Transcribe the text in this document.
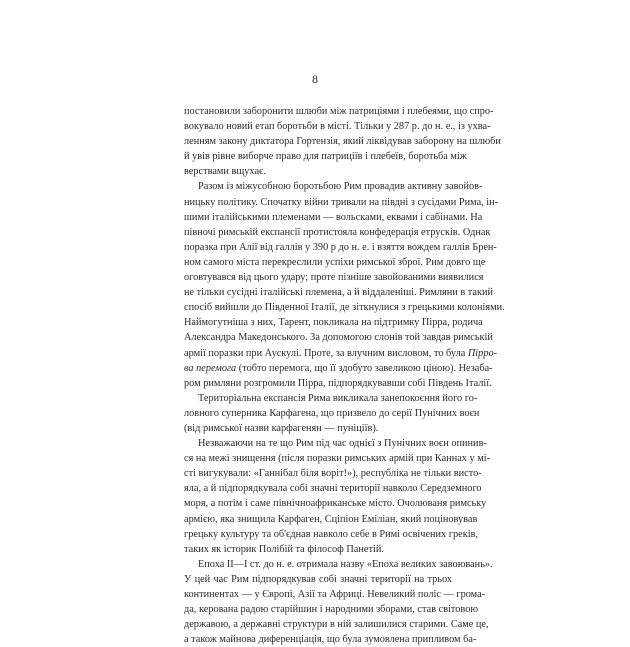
8

постановили заборонити шлюби між патриціями і плебеями, що спро-
вокувало новий етап боротьби в місті. Тільки у 287 р. до н. е., із ухва-
ленням закону диктатора Гортензія, який ліквідував заборону на шлюби
й увів рівне виборче право для патриціїв і плебеїв, боротьба між
верствами вщухає.

Разом із міжусобною боротьбою Рим провадив активну завойов-
ницьку політику. Спочатку війни тривали на півдні з сусідами Рима, ін-
шими італійськими племенами — вольсками, еквами і сабінами. На
півночі римській експансії протистояла конфедерація етрусків. Однак
поразка при Алії від галлів у 390 р до н. е. і взяття вождем галлів Брен-
ном самого міста перекреслили успіхи римської зброї. Рим довго ще
оговтувався від цього удару; проте пізніше завойованими виявилися
не тільки сусідні італійські племена, а й віддаленіші. Римляни в такий
спосіб вийшли до Південної Італії, де зіткнулися з грецькими колоніями.
Наймогутніша з них, Тарент, покликала на підтримку Пірра, родича
Александра Македонського. За допомогою слонів той завдав римській
армії поразки при Аускулі. Проте, за влучним висловом, то була Пірро-
ва перемога (тобто перемога, що її здобуто завеликою ціною). Незаба-
ром римляни розгромили Пірра, підпорядкувавши собі Південь Італії.

Територіальна експансія Рима викликала занепокоєння його го-
ловного суперника Карфагена, що призвело до серії Пунічних воєн
(від римської назви карфагенян — пуніціїв).

Незважаючи на те що Рим під час однієї з Пунічних воєн опинив-
ся на межі знищення (після поразки римських армій при Каннах у мі-
сті вигукували: «Ганнібал біля воріт!»), республіка не тільки висто-
яла, а й підпорядкувала собі значні території навколо Середземного
моря, а потім і саме північноафриканське місто. Очолюваня римську
армією, яка знищила Карфаген, Сціпіон Еміліан, який поціновував
грецьку культуру та об'єднав навколо себе в Римі освічених греків,
таких як історик Полібій та філософ Панетій.

Епоха II—I ст. до н. е. отримала назву «Епоха великих завоювань».
У цей час Рим підпорядкував собі значні території на трьох
континентах — у Європі, Азії та Африці. Невеликий поліс — грома-
да, керована радою старійшин і народними зборами, став світовою
державою, а державні структури в ній залишилися старими. Саме це,
а також майнова диференціація, що була зумовлена припливом ба-
